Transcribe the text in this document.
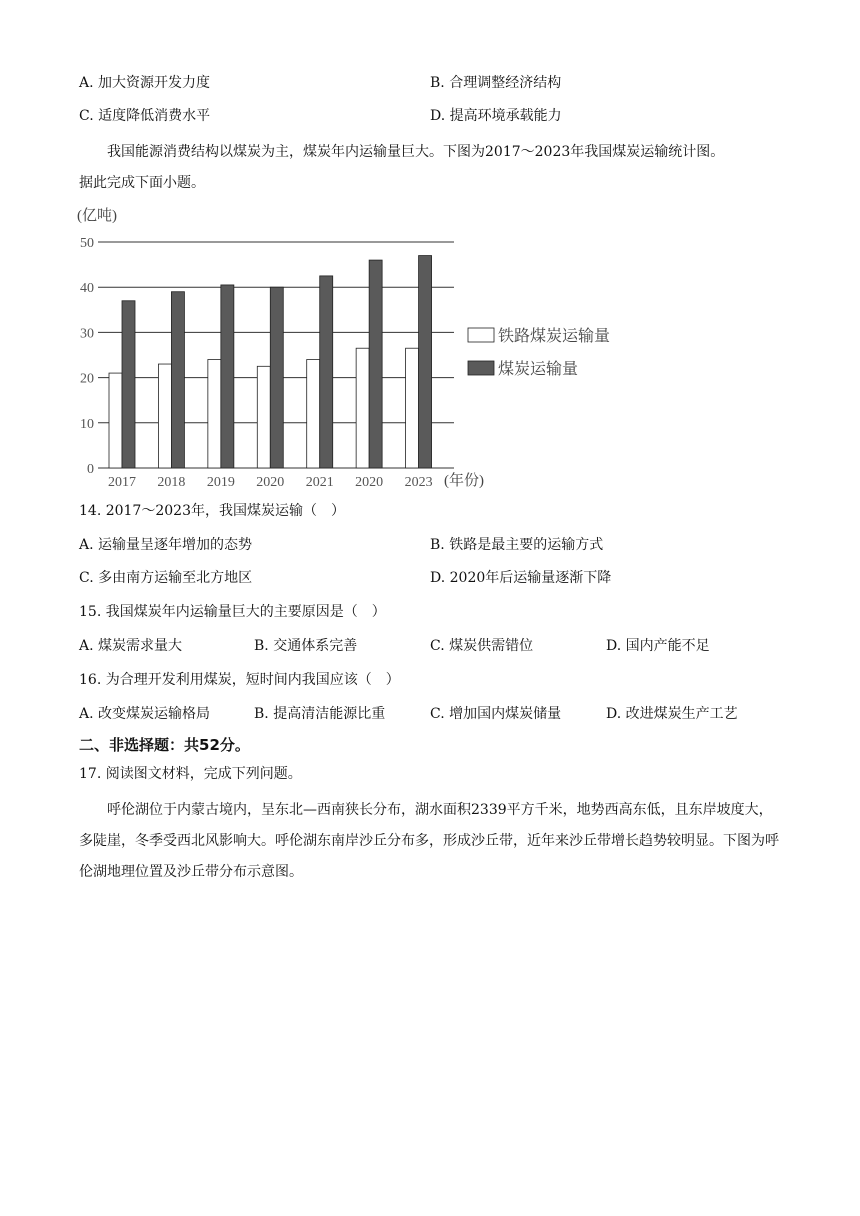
A. 加大资源开发力度	B. 合理调整经济结构
C. 适度降低消费水平	D. 提高环境承载能力
我国能源消费结构以煤炭为主，煤炭年内运输量巨大。下图为2017～2023年我国煤炭运输统计图。
据此完成下面小题。
(亿吨)
0
10
20
30
40
50
2017 2018 2019 2020 2021 2020 2023 (年份)
铁路煤炭运输量
煤炭运输量
14. 2017～2023年，我国煤炭运输（　）
A. 运输量呈逐年增加的态势	B. 铁路是最主要的运输方式
C. 多由南方运输至北方地区	D. 2020年后运输量逐渐下降
15. 我国煤炭年内运输量巨大的主要原因是（　）
A. 煤炭需求量大	B. 交通体系完善	C. 煤炭供需错位	D. 国内产能不足
16. 为合理开发利用煤炭，短时间内我国应该（　）
A. 改变煤炭运输格局	B. 提高清洁能源比重	C. 增加国内煤炭储量	D. 改进煤炭生产工艺
二、非选择题：共52分。
17. 阅读图文材料，完成下列问题。
呼伦湖位于内蒙古境内，呈东北—西南狭长分布，湖水面积2339平方千米，地势西高东低，且东岸坡度大，多陡崖，冬季受西北风影响大。呼伦湖东南岸沙丘分布多，形成沙丘带，近年来沙丘带增长趋势较明显。下图为呼伦湖地理位置及沙丘带分布示意图。
